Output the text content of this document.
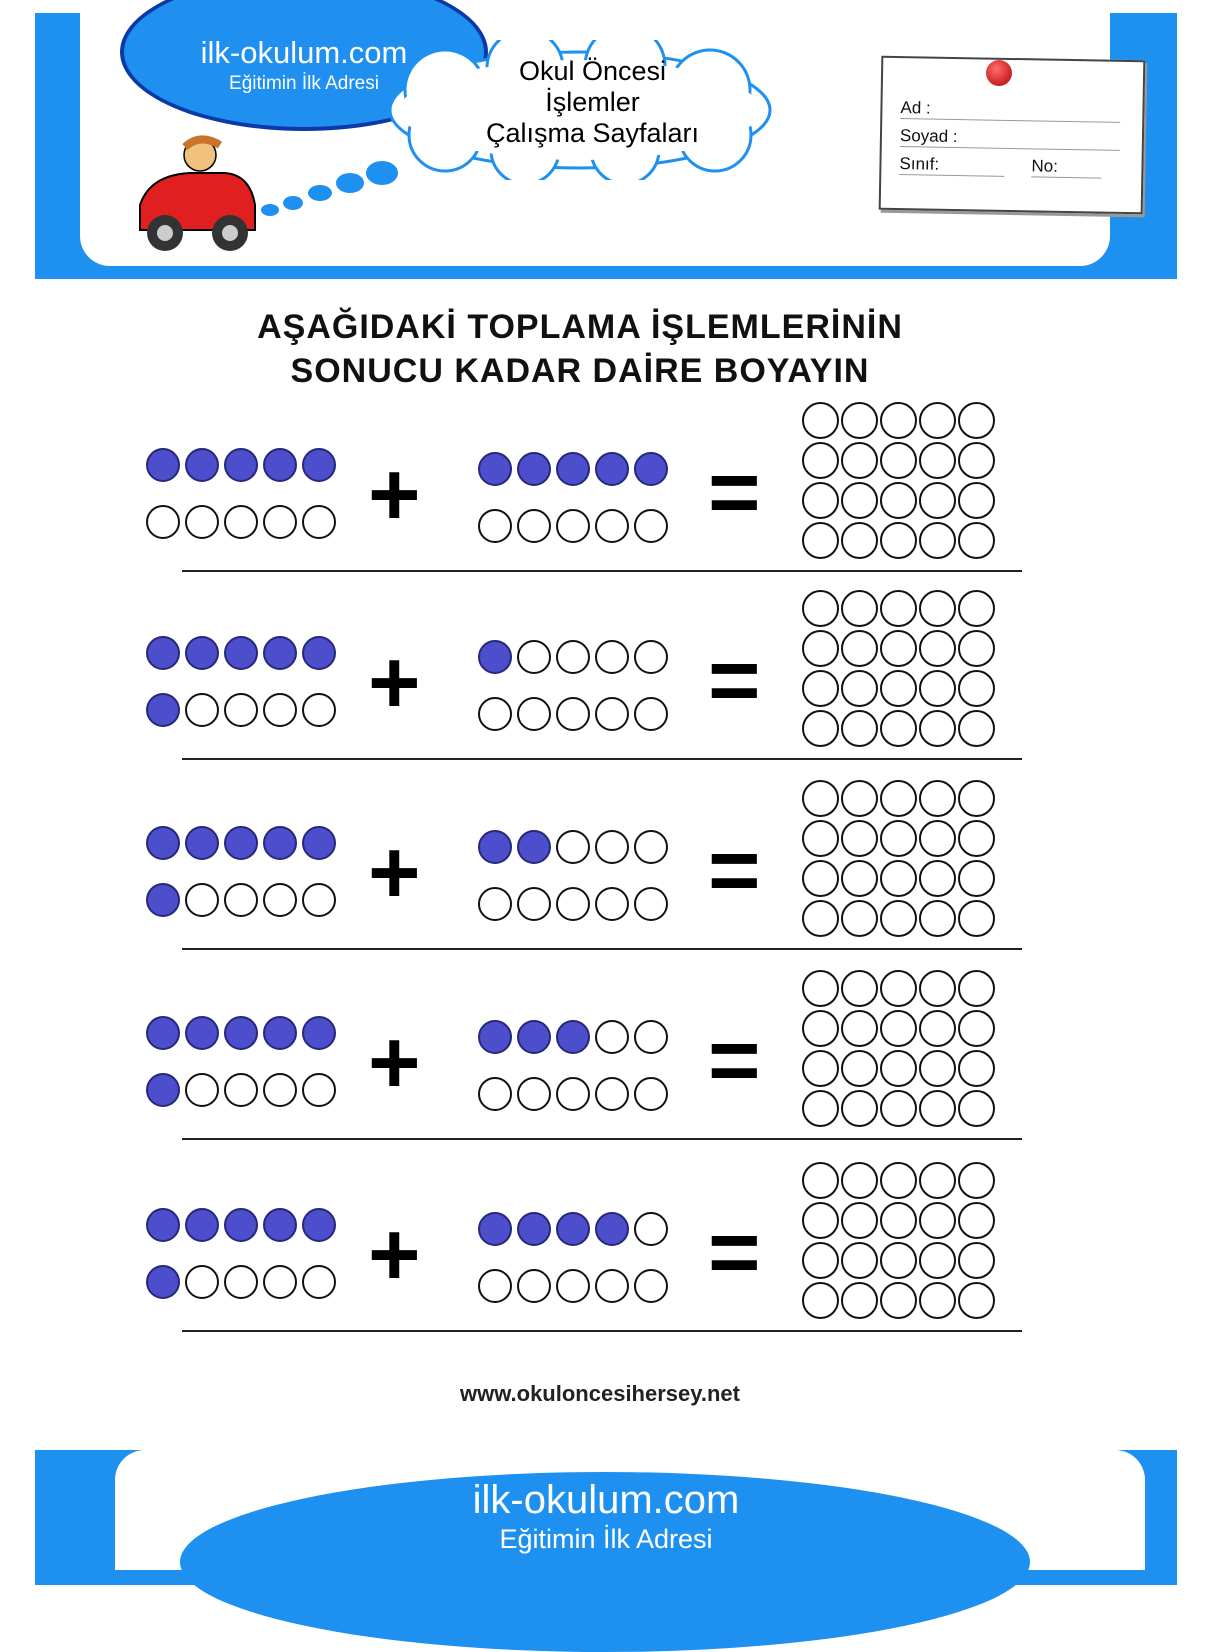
ilk-okulum.com
Eğitimin İlk Adresi	Okul Öncesi
İşlemler
Çalışma Sayfaları
Ad :
Soyad :
Sınıf:	No:
AŞAĞIDAKİ TOPLAMA İŞLEMLERİNİN
SONUCU KADAR DAİRE BOYAYIN
+	=
+	=
+	=
+	=
+	=
www.okuloncesihersey.net
ilk-okulum.com
Eğitimin İlk Adresi
